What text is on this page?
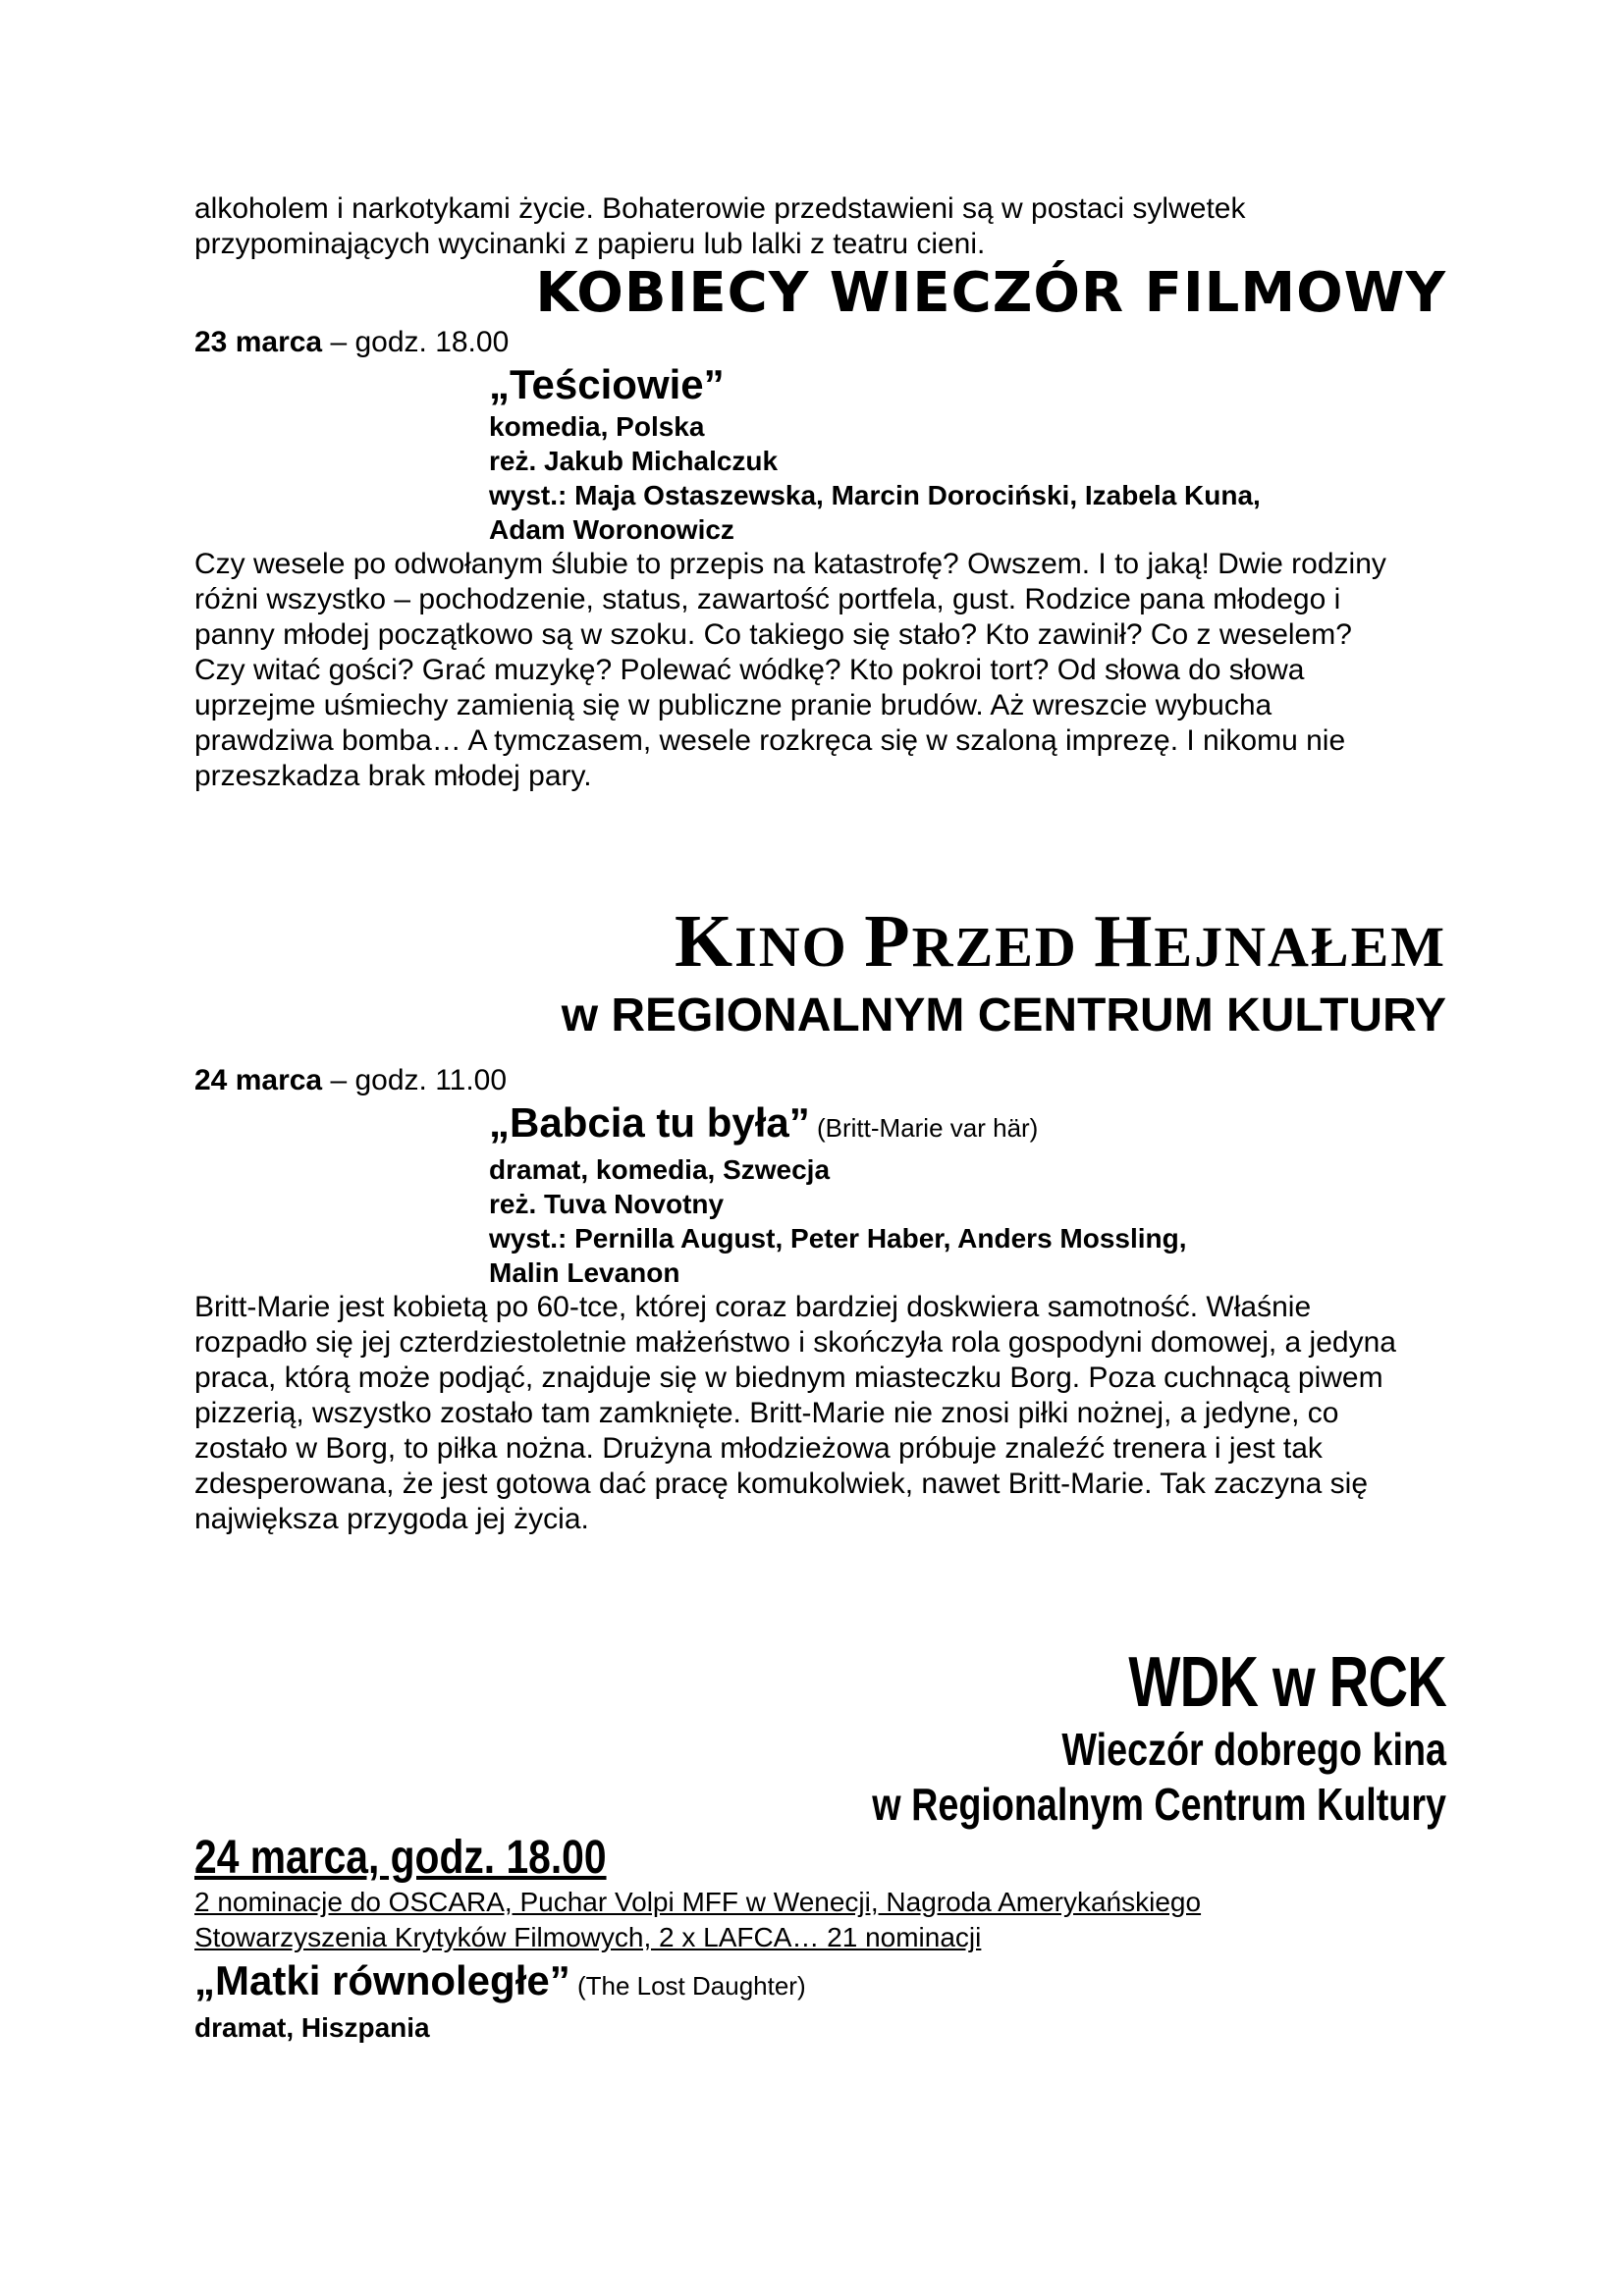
alkoholem i narkotykami życie. Bohaterowie przedstawieni są w postaci sylwetek
przypominających wycinanki z papieru lub lalki z teatru cieni.
KOBIECY WIECZÓR FILMOWY
23 marca – godz. 18.00
„Teściowie”
komedia, Polska
reż. Jakub Michalczuk
wyst.: Maja Ostaszewska, Marcin Dorociński, Izabela Kuna,
Adam Woronowicz
Czy wesele po odwołanym ślubie to przepis na katastrofę? Owszem. I to jaką! Dwie rodziny
różni wszystko – pochodzenie, status, zawartość portfela, gust. Rodzice pana młodego i
panny młodej początkowo są w szoku. Co takiego się stało? Kto zawinił? Co z weselem?
Czy witać gości? Grać muzykę? Polewać wódkę? Kto pokroi tort? Od słowa do słowa
uprzejme uśmiechy zamienią się w publiczne pranie brudów. Aż wreszcie wybucha
prawdziwa bomba… A tymczasem, wesele rozkręca się w szaloną imprezę. I nikomu nie
przeszkadza brak młodej pary.
KINO PRZED HEJNAŁEM
w REGIONALNYM CENTRUM KULTURY
24 marca – godz. 11.00
„Babcia tu była” (Britt-Marie var här)
dramat, komedia, Szwecja
reż. Tuva Novotny
wyst.: Pernilla August, Peter Haber, Anders Mossling,
Malin Levanon
Britt-Marie jest kobietą po 60-tce, której coraz bardziej doskwiera samotność. Właśnie
rozpadło się jej czterdziestoletnie małżeństwo i skończyła rola gospodyni domowej, a jedyna
praca, którą może podjąć, znajduje się w biednym miasteczku Borg. Poza cuchnącą piwem
pizzerią, wszystko zostało tam zamknięte. Britt-Marie nie znosi piłki nożnej, a jedyne, co
zostało w Borg, to piłka nożna. Drużyna młodzieżowa próbuje znaleźć trenera i jest tak
zdesperowana, że jest gotowa dać pracę komukolwiek, nawet Britt-Marie. Tak zaczyna się
największa przygoda jej życia.
WDK w RCK
Wieczór dobrego kina
w Regionalnym Centrum Kultury
24 marca, godz. 18.00
2 nominacje do OSCARA, Puchar Volpi MFF w Wenecji, Nagroda Amerykańskiego
Stowarzyszenia Krytyków Filmowych, 2 x LAFCA… 21 nominacji
„Matki równoległe” (The Lost Daughter)
dramat, Hiszpania
